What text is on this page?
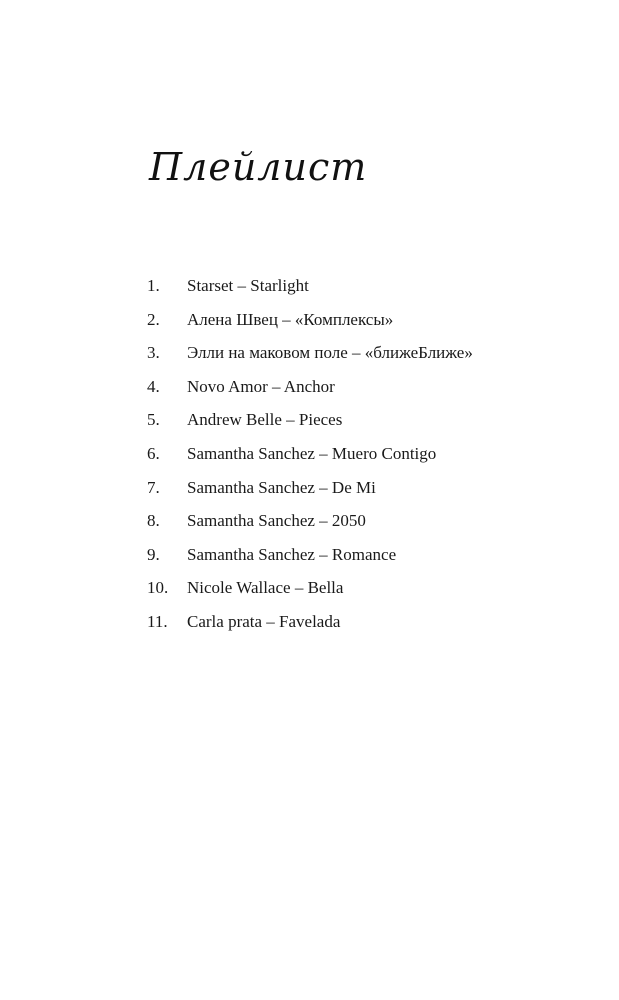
Плейлист
1.	Starset – Starlight
2.	Алена Швец – «Комплексы»
3.	Элли на маковом поле – «ближеБлиже»
4.	Novo Amor – Anchor
5.	Andrew Belle – Pieces
6.	Samantha Sanchez – Muero Contigo
7.	Samantha Sanchez – De Mi
8.	Samantha Sanchez – 2050
9.	Samantha Sanchez – Romance
10.	Nicole Wallace – Bella
11.	Carla prata – Favelada
